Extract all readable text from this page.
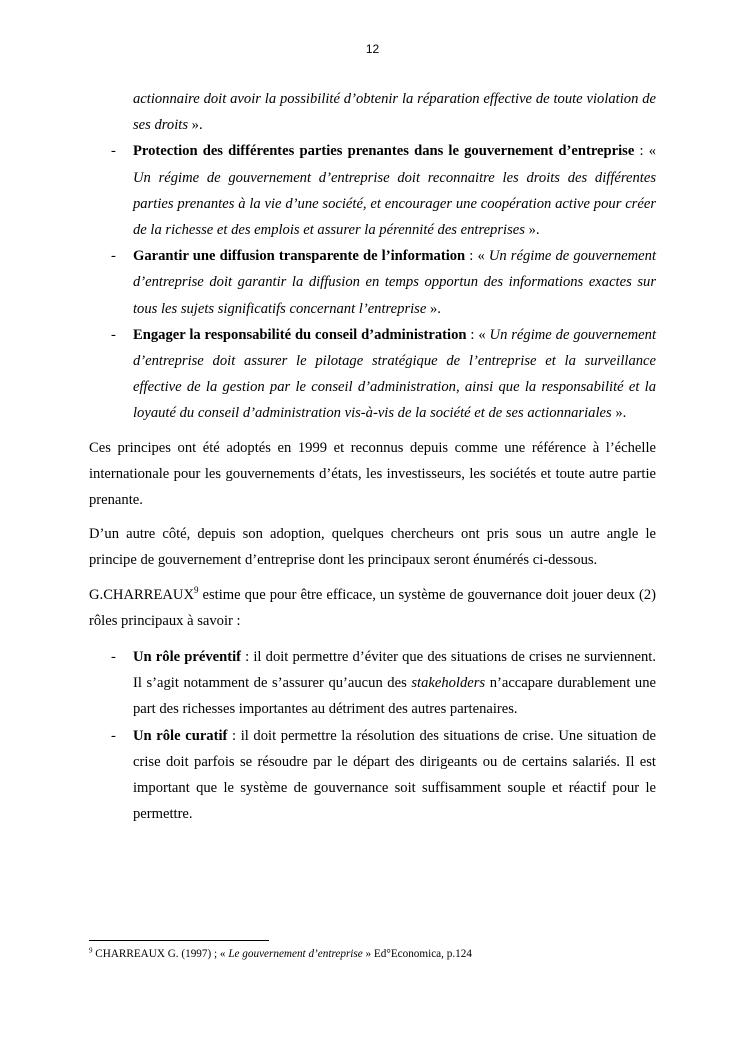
12
actionnaire doit avoir la possibilité d’obtenir la réparation effective de toute violation de ses droits ».
- Protection des différentes parties prenantes dans le gouvernement d’entreprise : « Un régime de gouvernement d’entreprise doit reconnaitre les droits des différentes parties prenantes à la vie d’une société, et encourager une coopération active pour créer de la richesse et des emplois et assurer la pérennité des entreprises ».
- Garantir une diffusion transparente de l’information : « Un régime de gouvernement d’entreprise doit garantir la diffusion en temps opportun des informations exactes sur tous les sujets significatifs concernant l’entreprise ».
- Engager la responsabilité du conseil d’administration : « Un régime de gouvernement d’entreprise doit assurer le pilotage stratégique de l’entreprise et la surveillance effective de la gestion par le conseil d’administration, ainsi que la responsabilité et la loyauté du conseil d’administration vis-à-vis de la société et de ses actionnariales ».

Ces principes ont été adoptés en 1999 et reconnus depuis comme une référence à l’échelle internationale pour les gouvernements d’états, les investisseurs, les sociétés et toute autre partie prenante.

D’un autre côté, depuis son adoption, quelques chercheurs ont pris sous un autre angle le principe de gouvernement d’entreprise dont les principaux seront énumérés ci-dessous.

G.CHARREAUX$^9$ estime que pour être efficace, un système de gouvernance doit jouer deux (2) rôles principaux à savoir :

- Un rôle préventif : il doit permettre d’éviter que des situations de crises ne surviennent. Il s’agit notamment de s’assurer qu’aucun des stakeholders n’accapare durablement une part des richesses importantes au détriment des autres partenaires.
- Un rôle curatif : il doit permettre la résolution des situations de crise. Une situation de crise doit parfois se résoudre par le départ des dirigeants ou de certains salariés. Il est important que le système de gouvernance soit suffisamment souple et réactif pour le permettre.
$^9$ CHARREAUX G. (1997) ; « Le gouvernement d’entreprise » Ed°Economica, p.124
